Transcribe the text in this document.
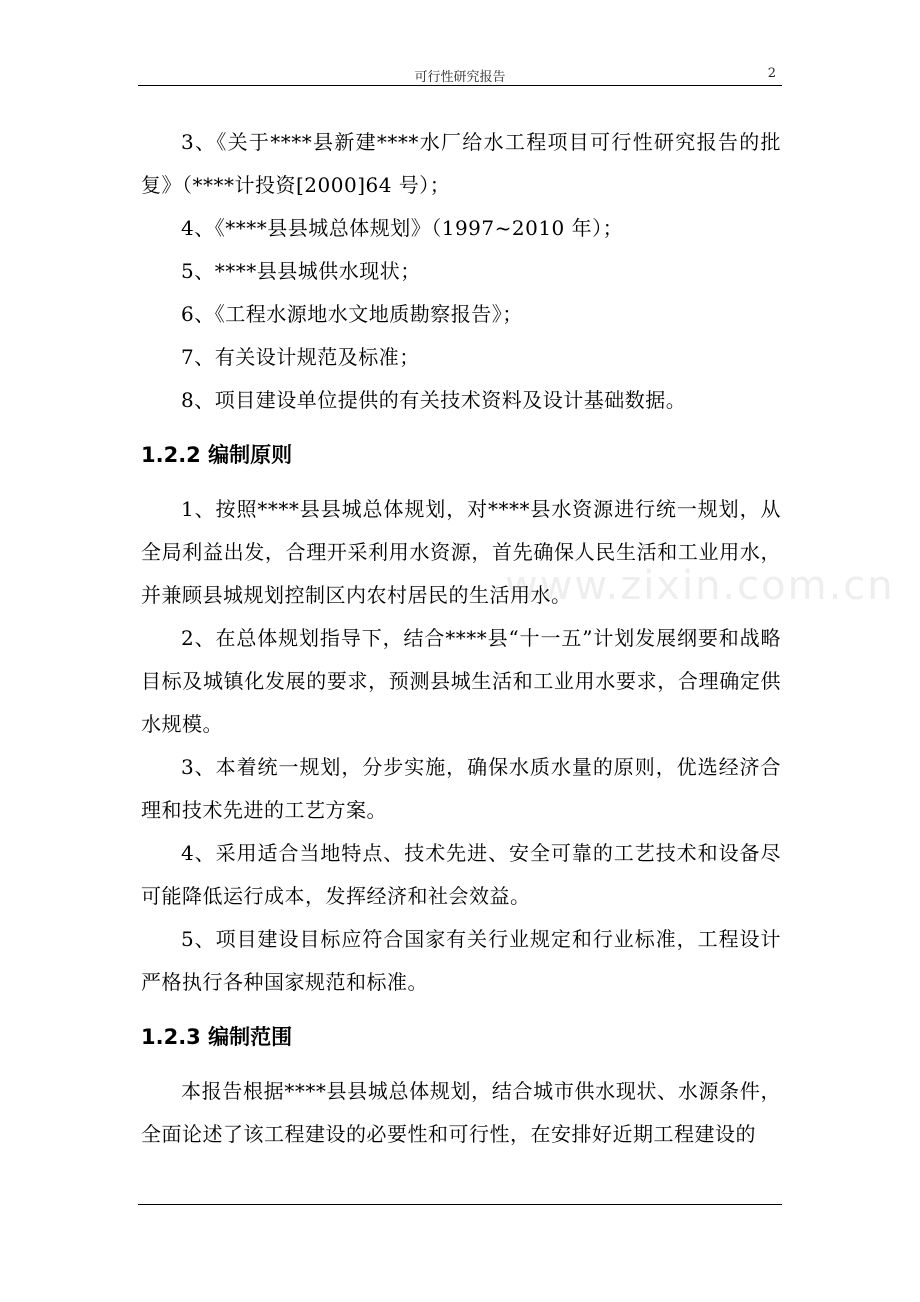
可行性研究报告	2
www.zixin.com.cn

3、《关于****县新建****水厂给水工程项目可行性研究报告的批复》（****计投资[2000]64 号）；

4、《****县县城总体规划》（1997~2010 年）；

5、****县县城供水现状；

6、《工程水源地水文地质勘察报告》；

7、有关设计规范及标准；

8、项目建设单位提供的有关技术资料及设计基础数据。

1.2.2 编制原则

1、按照****县县城总体规划，对****县水资源进行统一规划，从全局利益出发，合理开采利用水资源，首先确保人民生活和工业用水，并兼顾县城规划控制区内农村居民的生活用水。

2、在总体规划指导下，结合****县“十一五”计划发展纲要和战略目标及城镇化发展的要求，预测县城生活和工业用水要求，合理确定供水规模。

3、本着统一规划，分步实施，确保水质水量的原则，优选经济合理和技术先进的工艺方案。

4、采用适合当地特点、技术先进、安全可靠的工艺技术和设备尽可能降低运行成本，发挥经济和社会效益。

5、项目建设目标应符合国家有关行业规定和行业标准，工程设计严格执行各种国家规范和标准。

1.2.3 编制范围

本报告根据****县县城总体规划，结合城市供水现状、水源条件，全面论述了该工程建设的必要性和可行性，在安排好近期工程建设的
